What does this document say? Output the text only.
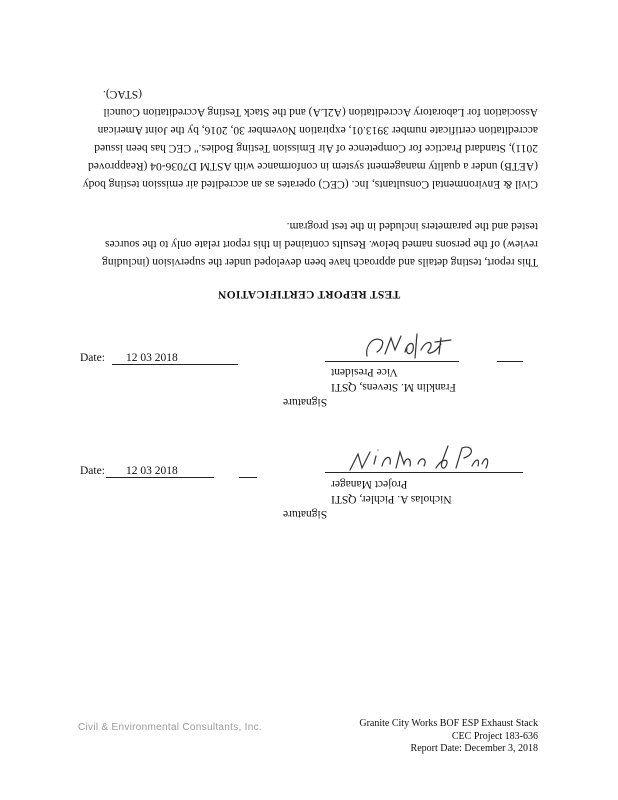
Civil & Environmental Consultants, Inc. (CEC) operates as an accredited air emission testing body
(AETB) under a quality management system in conformance with ASTM D7036-04 (Reapproved
2011), Standard Practice for Competence of Air Emission Testing Bodies." CEC has been issued
accreditation certificate number 3913.01, expiration November 30, 2016, by the Joint American
Association for Laboratory Accreditation (A2LA) and the Stack Testing Accreditation Council
(STAC).
This report, testing details and approach have been developed under the supervision (including
review) of the persons named below. Results contained in this report relate only to the sources
tested and the parameters included in the test program.
TEST REPORT CERTIFICATION
Date: 12 03 2018
Vice President
Franklin M. Stevens, QSTI
Signature
Date: 12 03 2018
Project Manager
Nicholas A. Pichler, QSTI
Signature
Civil & Environmental Consultants, Inc.	Granite City Works BOF ESP Exhaust Stack
CEC Project 183-636
Report Date: December 3, 2018
